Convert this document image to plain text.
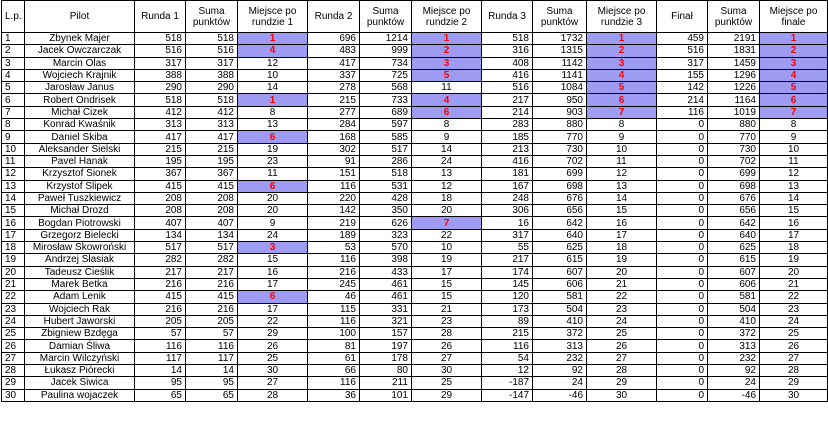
L.p.	Pilot	Runda 1	Suma punktów	Miejsce po rundzie 1	Runda 2	Suma punktów	Miejsce po rundzie 2	Runda 3	Suma punktów	Miejsce po rundzie 3	Finał	Suma punktów	Miejsce po finale
1	Zbynek Majer	518	518	1	696	1214	1	518	1732	1	459	2191	1
2	Jacek Owczarczak	516	516	4	483	999	2	316	1315	2	516	1831	2
3	Marcin Olas	317	317	12	417	734	3	408	1142	3	317	1459	3
4	Wojciech Krajnik	388	388	10	337	725	5	416	1141	4	155	1296	4
5	Jarosław Janus	290	290	14	278	568	11	516	1084	5	142	1226	5
6	Robert Ondrisek	518	518	1	215	733	4	217	950	6	214	1164	6
7	Michał Cizek	412	412	8	277	689	6	214	903	7	116	1019	7
8	Konrad Kwaśnik	313	313	13	284	597	8	283	880	8	0	880	8
9	Daniel Skiba	417	417	6	168	585	9	185	770	9	0	770	9
10	Aleksander Sielski	215	215	19	302	517	14	213	730	10	0	730	10
11	Pavel Hanak	195	195	23	91	286	24	416	702	11	0	702	11
12	Krzysztof Sionek	367	367	11	151	518	13	181	699	12	0	699	12
13	Krzystof Slipek	415	415	6	116	531	12	167	698	13	0	698	13
14	Paweł Tuszkiewicz	208	208	20	220	428	18	248	676	14	0	676	14
15	Michał Drozd	208	208	20	142	350	20	306	656	15	0	656	15
16	Bogdan Piotrowski	407	407	9	219	626	7	16	642	16	0	642	16
17	Grzegorz Bielecki	134	134	24	189	323	22	317	640	17	0	640	17
18	Mirosław Skowroński	517	517	3	53	570	10	55	625	18	0	625	18
19	Andrzej Słasiak	282	282	15	116	398	19	217	615	19	0	615	19
20	Tadeusz Cieślik	217	217	16	216	433	17	174	607	20	0	607	20
21	Marek Betka	216	216	17	245	461	15	145	606	21	0	606	21
22	Adam Lenik	415	415	6	46	461	15	120	581	22	0	581	22
23	Wojciech Rak	216	216	17	115	331	21	173	504	23	0	504	23
24	Hubert Jaworski	205	205	22	116	321	23	89	410	24	0	410	24
25	Zbigniew Bzdęga	57	57	29	100	157	28	215	372	25	0	372	25
26	Damian Śliwa	116	116	26	81	197	26	116	313	26	0	313	26
27	Marcin Wilczyński	117	117	25	61	178	27	54	232	27	0	232	27
28	Łukasz Piórecki	14	14	30	66	80	30	12	92	28	0	92	28
29	Jacek Siwica	95	95	27	116	211	25	-187	24	29	0	24	29
30	Paulina wojaczek	65	65	28	36	101	29	-147	-46	30	0	-46	30
